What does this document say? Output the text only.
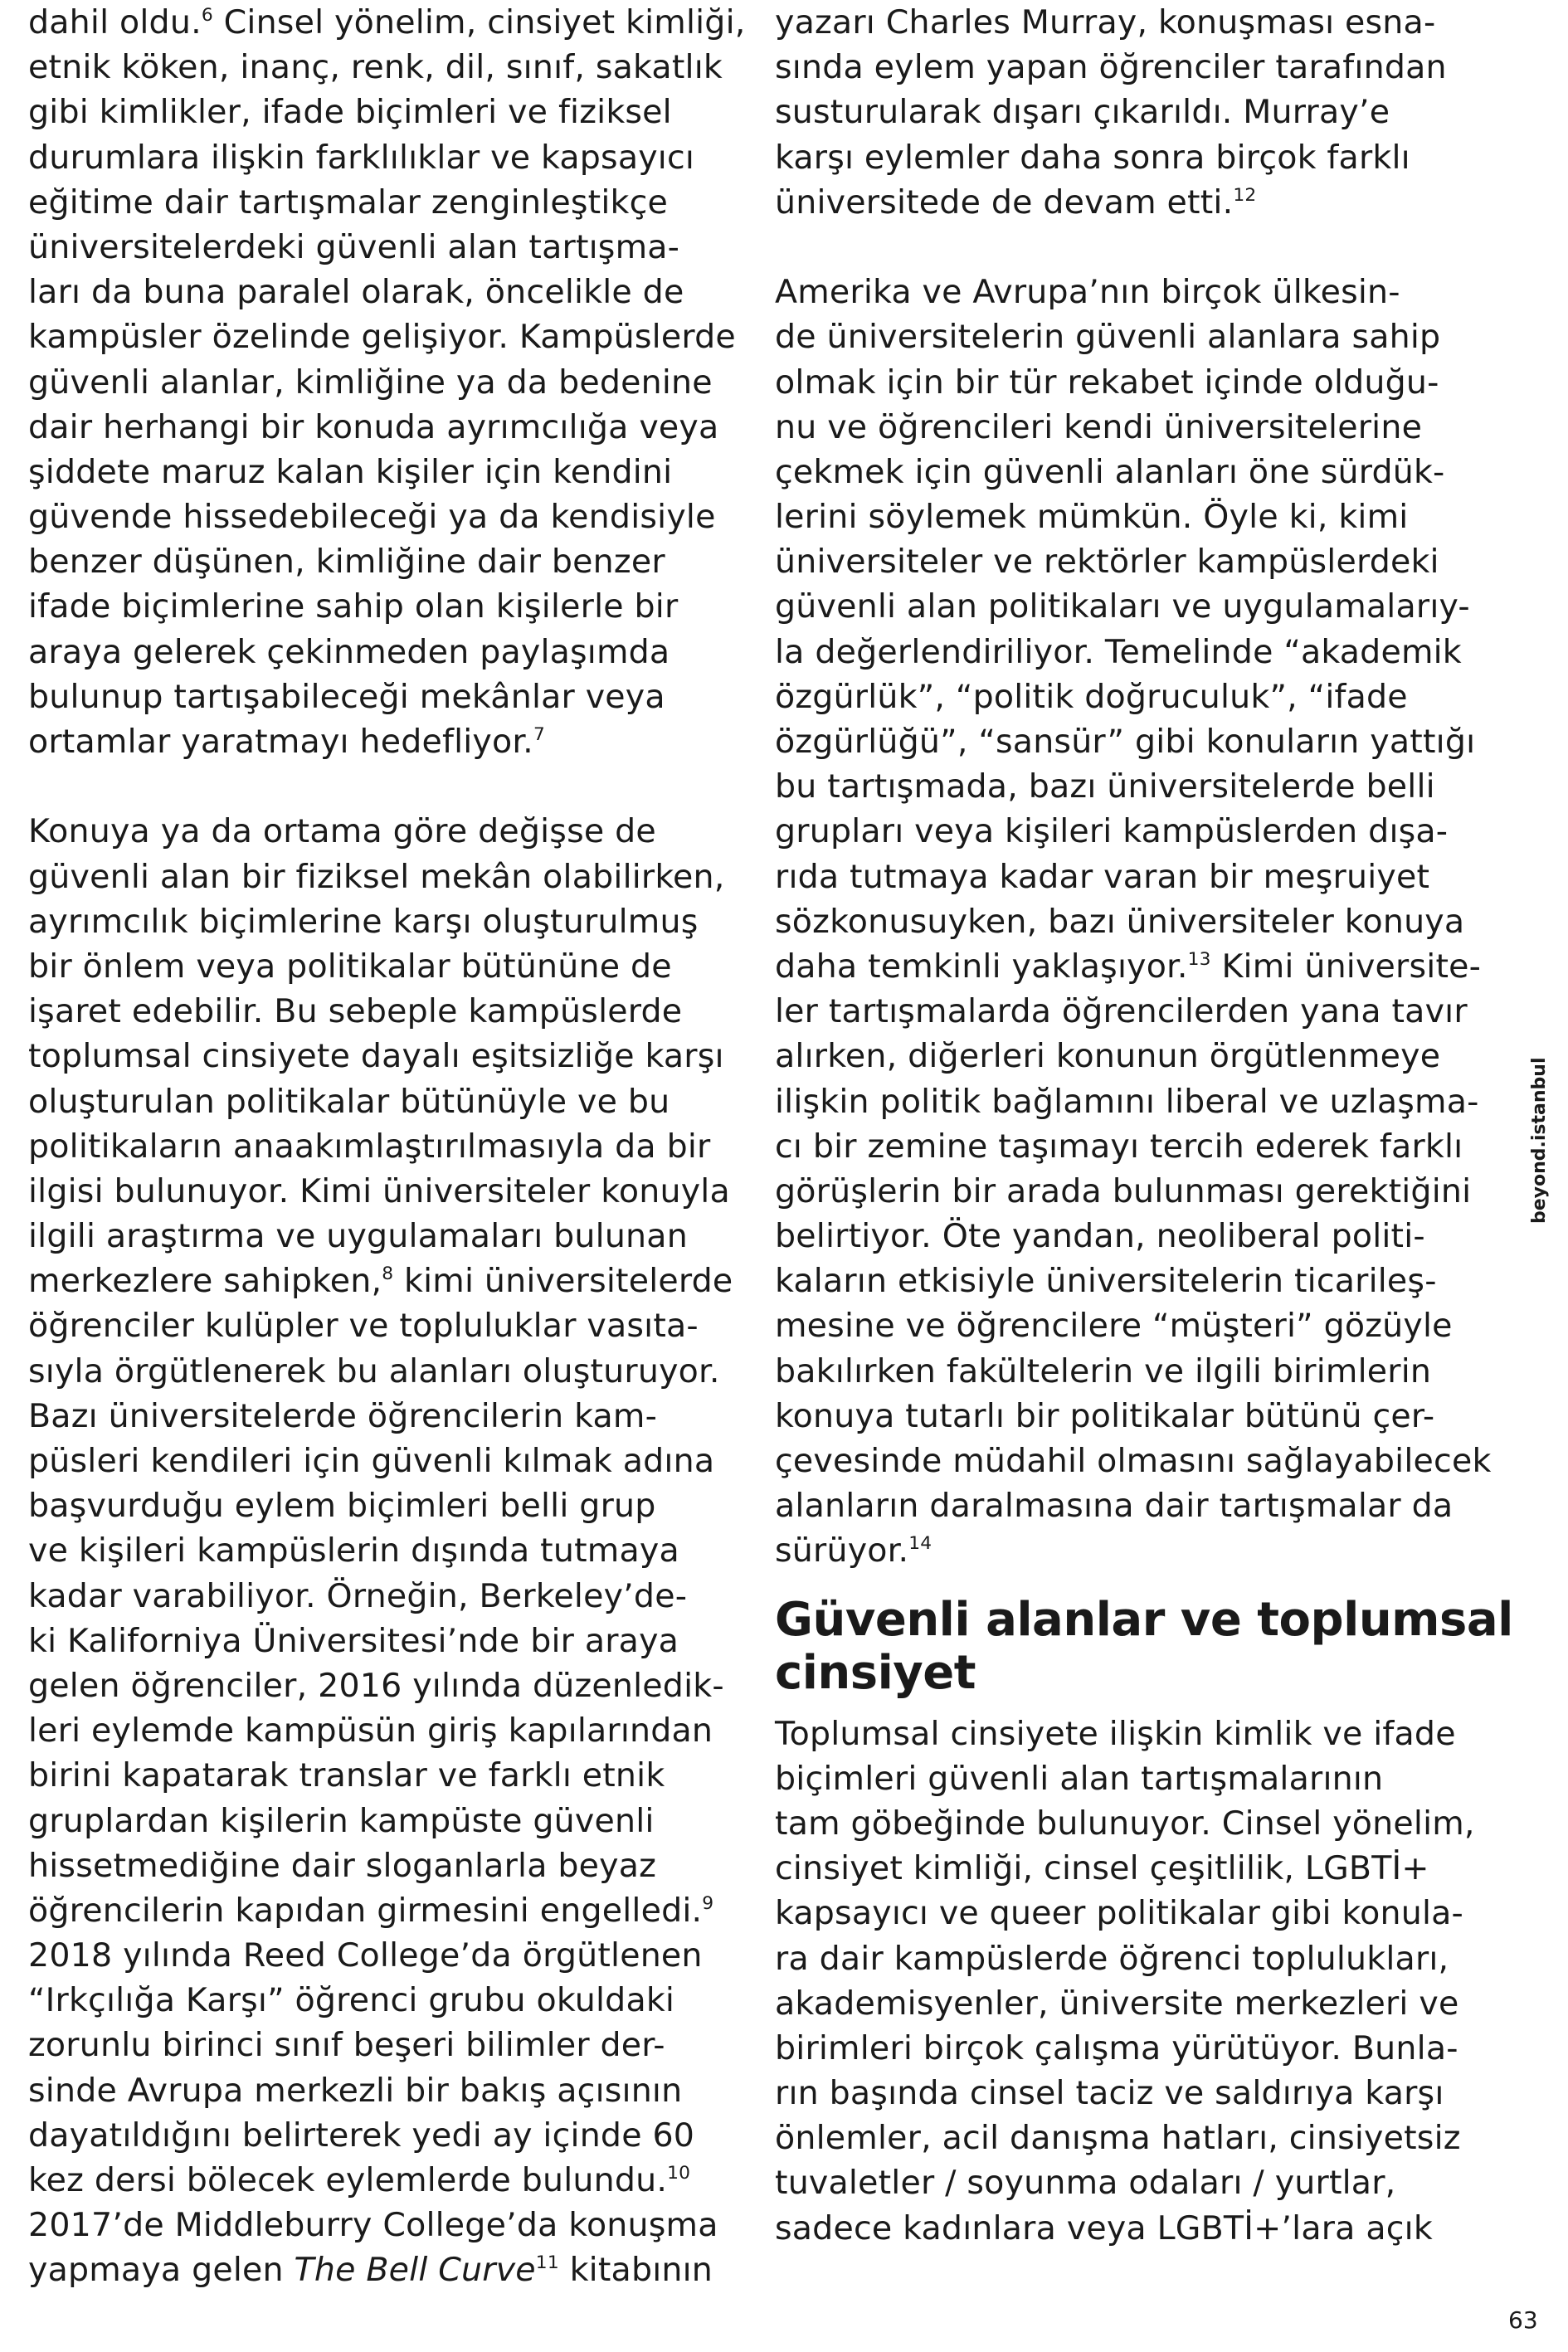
dahil oldu.$^6$ Cinsel yönelim, cinsiyet kimliği,
etnik köken, inanç, renk, dil, sınıf, sakatlık
gibi kimlikler, ifade biçimleri ve fiziksel
durumlara ilişkin farklılıklar ve kapsayıcı
eğitime dair tartışmalar zenginleştikçe
üniversitelerdeki güvenli alan tartışma-
ları da buna paralel olarak, öncelikle de
kampüsler özelinde gelişiyor. Kampüslerde
güvenli alanlar, kimliğine ya da bedenine
dair herhangi bir konuda ayrımcılığa veya
şiddete maruz kalan kişiler için kendini
güvende hissedebileceği ya da kendisiyle
benzer düşünen, kimliğine dair benzer
ifade biçimlerine sahip olan kişilerle bir
araya gelerek çekinmeden paylaşımda
bulunup tartışabileceği mekânlar veya
ortamlar yaratmayı hedefliyor.$^7$
Konuya ya da ortama göre değişse de
güvenli alan bir fiziksel mekân olabilirken,
ayrımcılık biçimlerine karşı oluşturulmuş
bir önlem veya politikalar bütününe de
işaret edebilir. Bu sebeple kampüslerde
toplumsal cinsiyete dayalı eşitsizliğe karşı
oluşturulan politikalar bütünüyle ve bu
politikaların anaakımlaştırılmasıyla da bir
ilgisi bulunuyor. Kimi üniversiteler konuyla
ilgili araştırma ve uygulamaları bulunan
merkezlere sahipken,$^8$ kimi üniversitelerde
öğrenciler kulüpler ve topluluklar vasıta-
sıyla örgütlenerek bu alanları oluşturuyor.
Bazı üniversitelerde öğrencilerin kam-
püsleri kendileri için güvenli kılmak adına
başvurduğu eylem biçimleri belli grup
ve kişileri kampüslerin dışında tutmaya
kadar varabiliyor. Örneğin, Berkeley’de-
ki Kaliforniya Üniversitesi’nde bir araya
gelen öğrenciler, 2016 yılında düzenledik-
leri eylemde kampüsün giriş kapılarından
birini kapatarak translar ve farklı etnik
gruplardan kişilerin kampüste güvenli
hissetmediğine dair sloganlarla beyaz
öğrencilerin kapıdan girmesini engelledi.$^9$
2018 yılında Reed College’da örgütlenen
“Irkçılığa Karşı” öğrenci grubu okuldaki
zorunlu birinci sınıf beşeri bilimler der-
sinde Avrupa merkezli bir bakış açısının
dayatıldığını belirterek yedi ay içinde 60
kez dersi bölecek eylemlerde bulundu.$^{10}$
2017’de Middleburry College’da konuşma
yapmaya gelen The Bell Curve$^{11}$ kitabının
yazarı Charles Murray, konuşması esna-
sında eylem yapan öğrenciler tarafından
susturularak dışarı çıkarıldı. Murray’e
karşı eylemler daha sonra birçok farklı
üniversitede de devam etti.$^{12}$
Amerika ve Avrupa’nın birçok ülkesin-
de üniversitelerin güvenli alanlara sahip
olmak için bir tür rekabet içinde olduğu-
nu ve öğrencileri kendi üniversitelerine
çekmek için güvenli alanları öne sürdük-
lerini söylemek mümkün. Öyle ki, kimi
üniversiteler ve rektörler kampüslerdeki
güvenli alan politikaları ve uygulamalarıy-
la değerlendiriliyor. Temelinde “akademik
özgürlük”, “politik doğruculuk”, “ifade
özgürlüğü”, “sansür” gibi konuların yattığı
bu tartışmada, bazı üniversitelerde belli
grupları veya kişileri kampüslerden dışa-
rıda tutmaya kadar varan bir meşruiyet
sözkonusuyken, bazı üniversiteler konuya
daha temkinli yaklaşıyor.$^{13}$ Kimi üniversite-
ler tartışmalarda öğrencilerden yana tavır
alırken, diğerleri konunun örgütlenmeye
ilişkin politik bağlamını liberal ve uzlaşma-
cı bir zemine taşımayı tercih ederek farklı
görüşlerin bir arada bulunması gerektiğini
belirtiyor. Öte yandan, neoliberal politi-
kaların etkisiyle üniversitelerin ticarileş-
mesine ve öğrencilere “müşteri” gözüyle
bakılırken fakültelerin ve ilgili birimlerin
konuya tutarlı bir politikalar bütünü çer-
çevesinde müdahil olmasını sağlayabilecek
alanların daralmasına dair tartışmalar da
sürüyor.$^{14}$
Güvenli alanlar ve toplumsal
cinsiyet
Toplumsal cinsiyete ilişkin kimlik ve ifade
biçimleri güvenli alan tartışmalarının
tam göbeğinde bulunuyor. Cinsel yönelim,
cinsiyet kimliği, cinsel çeşitlilik, LGBTİ+
kapsayıcı ve queer politikalar gibi konula-
ra dair kampüslerde öğrenci toplulukları,
akademisyenler, üniversite merkezleri ve
birimleri birçok çalışma yürütüyor. Bunla-
rın başında cinsel taciz ve saldırıya karşı
önlemler, acil danışma hatları, cinsiyetsiz
tuvaletler / soyunma odaları / yurtlar,
sadece kadınlara veya LGBTİ+’lara açık
beyond.istanbul
63
